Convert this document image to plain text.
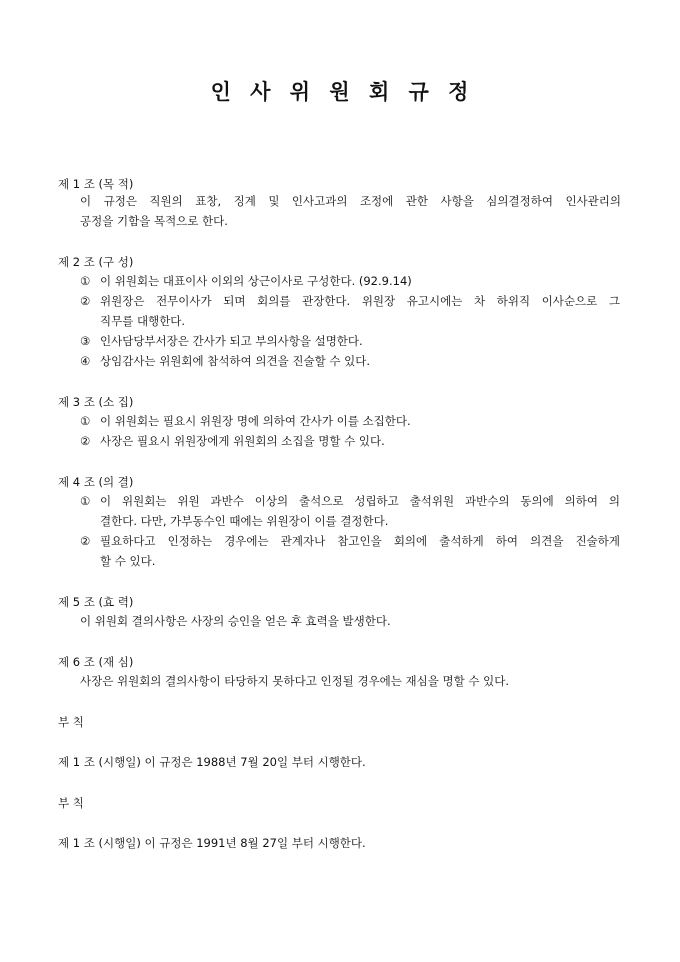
인 사 위 원 회 규 정
제 1 조 (목 적)
이 규정은 직원의 표창, 징계 및 인사고과의 조정에 관한 사항을 심의결정하여 인사관리의
공정을 기함을 목적으로 한다.
제 2 조 (구 성)
① 이 위원회는 대표이사 이외의 상근이사로 구성한다. (92.9.14)
② 위원장은 전무이사가 되며 회의를 관장한다. 위원장 유고시에는 차 하위직 이사순으로 그
직무를 대행한다.
③ 인사담당부서장은 간사가 되고 부의사항을 설명한다.
④ 상임감사는 위원회에 참석하여 의견을 진술할 수 있다.
제 3 조 (소 집)
① 이 위원회는 필요시 위원장 명에 의하여 간사가 이를 소집한다.
② 사장은 필요시 위원장에게 위원회의 소집을 명할 수 있다.
제 4 조 (의 결)
① 이 위원회는 위원 과반수 이상의 출석으로 성립하고 출석위원 과반수의 동의에 의하여 의
결한다. 다만, 가부동수인 때에는 위원장이 이를 결정한다.
② 필요하다고 인정하는 경우에는 관계자나 참고인을 회의에 출석하게 하여 의견을 진술하게
할 수 있다.
제 5 조 (효 력)
이 위원회 결의사항은 사장의 승인을 얻은 후 효력을 발생한다.
제 6 조 (재 심)
사장은 위원회의 결의사항이 타당하지 못하다고 인정될 경우에는 재심을 명할 수 있다.
부 칙
제 1 조 (시행일) 이 규정은 1988년 7월 20일 부터 시행한다.
부 칙
제 1 조 (시행일) 이 규정은 1991년 8월 27일 부터 시행한다.
